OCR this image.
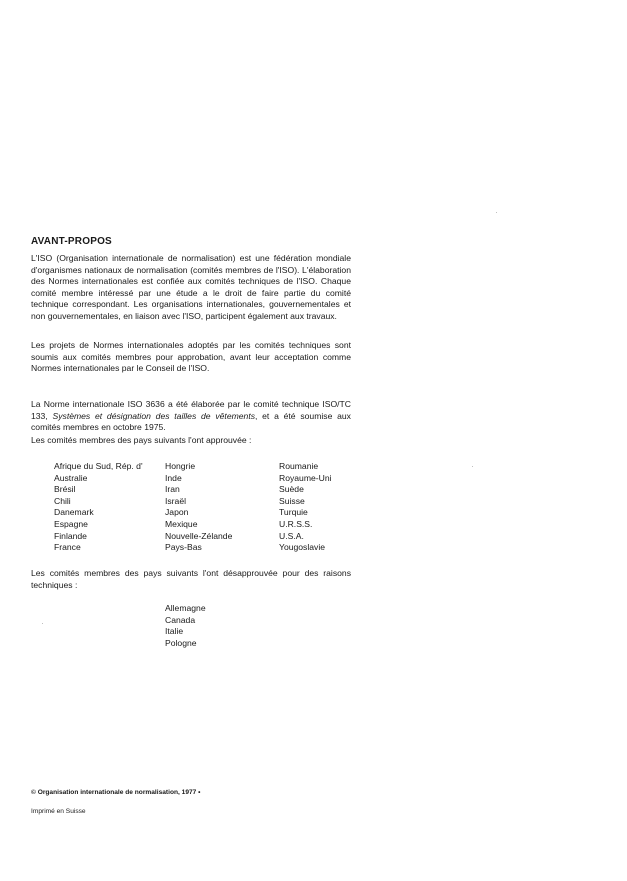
AVANT-PROPOS

L'ISO (Organisation internationale de normalisation) est une fédération mondiale d'organismes nationaux de normalisation (comités membres de l'ISO). L'élaboration des Normes internationales est confiée aux comités techniques de l'ISO. Chaque comité membre intéressé par une étude a le droit de faire partie du comité technique correspondant. Les organisations internationales, gouvernementales et non gouvernementales, en liaison avec l'ISO, participent également aux travaux.

Les projets de Normes internationales adoptés par les comités techniques sont soumis aux comités membres pour approbation, avant leur acceptation comme Normes internationales par le Conseil de l'ISO.

La Norme internationale ISO 3636 a été élaborée par le comité technique ISO/TC 133, Systèmes et désignation des tailles de vêtements, et a été soumise aux comités membres en octobre 1975.

Les comités membres des pays suivants l'ont approuvée :

Afrique du Sud, Rép. d'
Australie
Brésil
Chili
Danemark
Espagne
Finlande
France
Hongrie
Inde
Iran
Israël
Japon
Mexique
Nouvelle-Zélande
Pays-Bas
Roumanie
Royaume-Uni
Suède
Suisse
Turquie
U.R.S.S.
U.S.A.
Yougoslavie

Les comités membres des pays suivants l'ont désapprouvée pour des raisons techniques :

Allemagne
Canada
Italie
Pologne
© Organisation internationale de normalisation, 1977 •
Imprimé en Suisse
